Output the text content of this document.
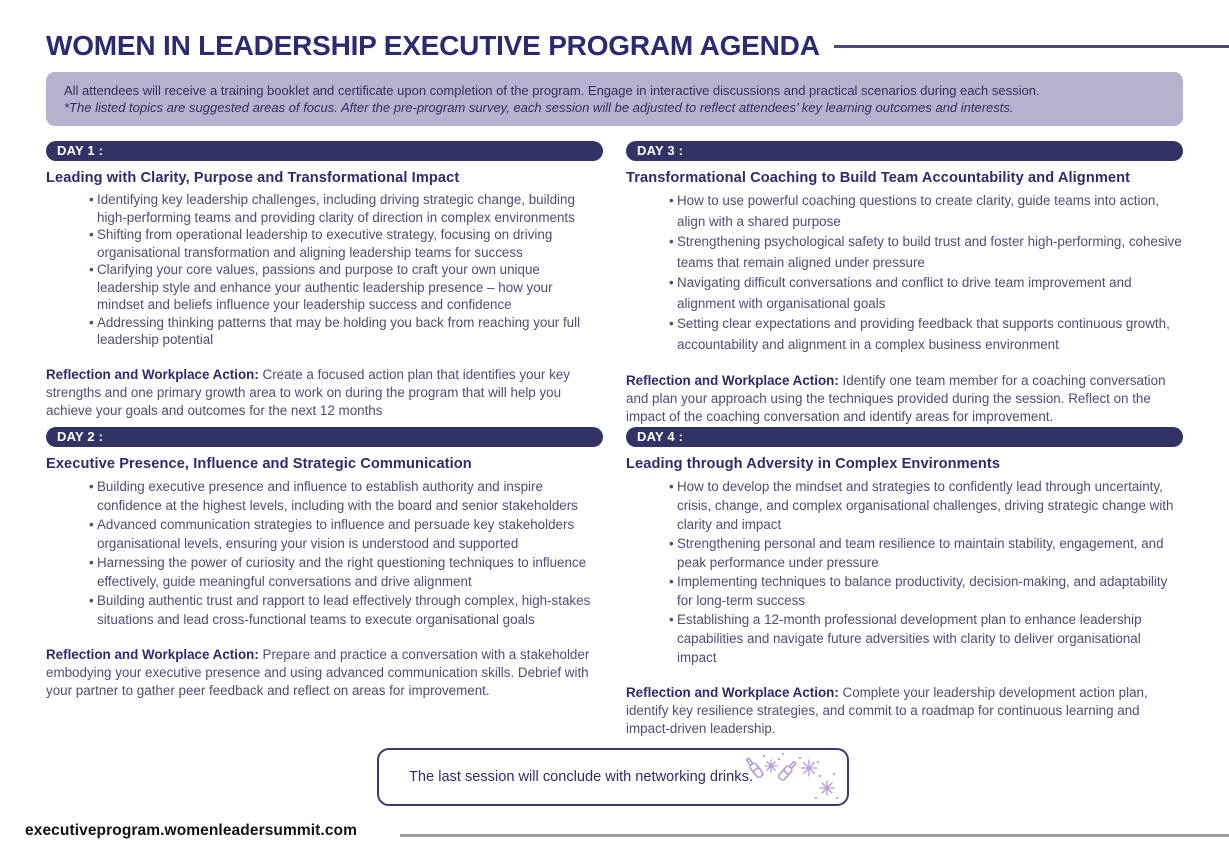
WOMEN IN LEADERSHIP EXECUTIVE PROGRAM AGENDA

All attendees will receive a training booklet and certificate upon completion of the program. Engage in interactive discussions and practical scenarios during each session.

*The listed topics are suggested areas of focus. After the pre-program survey, each session will be adjusted to reflect attendees’ key learning outcomes and interests.

DAY 1 :
Leading with Clarity, Purpose and Transformational Impact
• Identifying key leadership challenges, including driving strategic change, building high-performing teams and providing clarity of direction in complex environments
• Shifting from operational leadership to executive strategy, focusing on driving organisational transformation and aligning leadership teams for success
• Clarifying your core values, passions and purpose to craft your own unique leadership style and enhance your authentic leadership presence – how your mindset and beliefs influence your leadership success and confidence
• Addressing thinking patterns that may be holding you back from reaching your full leadership potential

Reflection and Workplace Action: Create a focused action plan that identifies your key strengths and one primary growth area to work on during the program that will help you achieve your goals and outcomes for the next 12 months

DAY 2 :
Executive Presence, Influence and Strategic Communication
• Building executive presence and influence to establish authority and inspire confidence at the highest levels, including with the board and senior stakeholders
• Advanced communication strategies to influence and persuade key stakeholders organisational levels, ensuring your vision is understood and supported
• Harnessing the power of curiosity and the right questioning techniques to influence effectively, guide meaningful conversations and drive alignment
• Building authentic trust and rapport to lead effectively through complex, high-stakes situations and lead cross-functional teams to execute organisational goals

Reflection and Workplace Action: Prepare and practice a conversation with a stakeholder embodying your executive presence and using advanced communication skills. Debrief with your partner to gather peer feedback and reflect on areas for improvement.

DAY 3 :
Transformational Coaching to Build Team Accountability and Alignment
• How to use powerful coaching questions to create clarity, guide teams into action, align with a shared purpose
• Strengthening psychological safety to build trust and foster high-performing, cohesive teams that remain aligned under pressure
• Navigating difficult conversations and conflict to drive team improvement and alignment with organisational goals
• Setting clear expectations and providing feedback that supports continuous growth, accountability and alignment in a complex business environment

Reflection and Workplace Action: Identify one team member for a coaching conversation and plan your approach using the techniques provided during the session. Reflect on the impact of the coaching conversation and identify areas for improvement.

DAY 4 :
Leading through Adversity in Complex Environments
• How to develop the mindset and strategies to confidently lead through uncertainty, crisis, change, and complex organisational challenges, driving strategic change with clarity and impact
• Strengthening personal and team resilience to maintain stability, engagement, and peak performance under pressure
• Implementing techniques to balance productivity, decision-making, and adaptability for long-term success
• Establishing a 12-month professional development plan to enhance leadership capabilities and navigate future adversities with clarity to deliver organisational impact

Reflection and Workplace Action: Complete your leadership development action plan, identify key resilience strategies, and commit to a roadmap for continuous learning and impact-driven leadership.

The last session will conclude with networking drinks.
executiveprogram.womenleadersummit.com
